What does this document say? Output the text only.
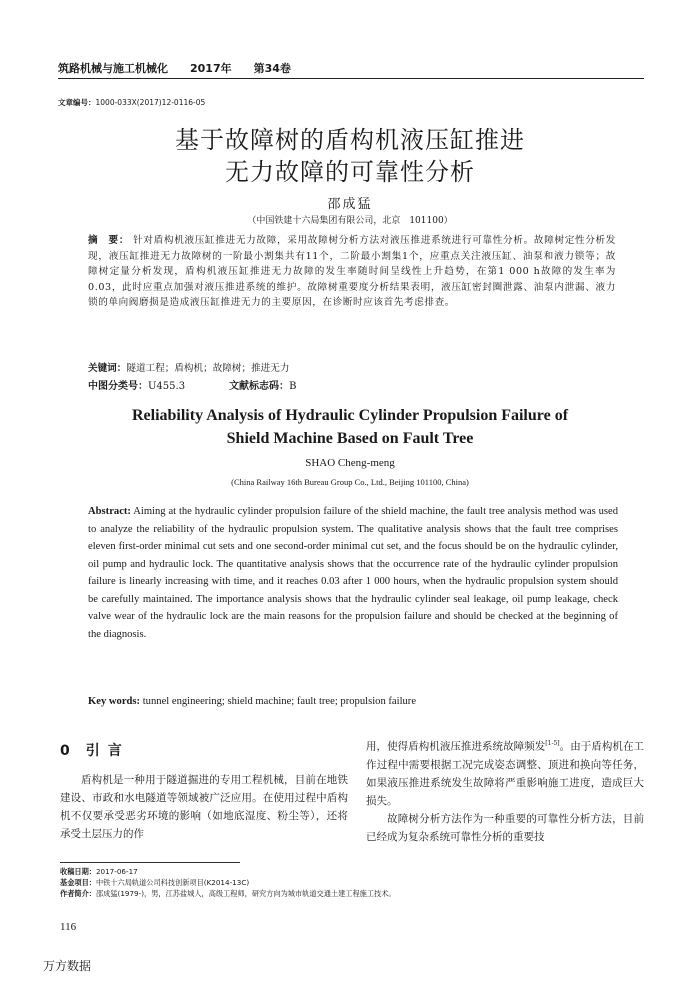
筑路机械与施工机械化 2017年 第34卷
文章编号：1000-033X(2017)12-0116-05
基于故障树的盾构机液压缸推进
无力故障的可靠性分析
邵成猛
（中国铁建十六局集团有限公司，北京　101100）
摘　要： 针对盾构机液压缸推进无力故障，采用故障树分析方法对液压推进系统进行可靠性分析。故障树定性分析发现，液压缸推进无力故障树的一阶最小割集共有11个，二阶最小割集1个，应重点关注液压缸、油泵和液力锁等；故障树定量分析发现，盾构机液压缸推进无力故障的发生率随时间呈线性上升趋势，在第1 000 h故障的发生率为0.03，此时应重点加强对液压推进系统的维护。故障树重要度分析结果表明，液压缸密封圈泄露、油泵内泄漏、液力锁的单向阀磨损是造成液压缸推进无力的主要原因，在诊断时应该首先考虑排查。
关键词：隧道工程；盾构机；故障树；推进无力
中图分类号：U455.3	文献标志码：B
Reliability Analysis of Hydraulic Cylinder Propulsion Failure of
Shield Machine Based on Fault Tree
SHAO Cheng-meng
(China Railway 16th Bureau Group Co., Ltd., Beijing 101100, China)
Abstract: Aiming at the hydraulic cylinder propulsion failure of the shield machine, the fault tree analysis method was used to analyze the reliability of the hydraulic propulsion system. The qualitative analysis shows that the fault tree comprises eleven first-order minimal cut sets and one second-order minimal cut set, and the focus should be on the hydraulic cylinder, oil pump and hydraulic lock. The quantitative analysis shows that the occurrence rate of the hydraulic cylinder propulsion failure is linearly increasing with time, and it reaches 0.03 after 1 000 hours, when the hydraulic propulsion system should be carefully maintained. The importance analysis shows that the hydraulic cylinder seal leakage, oil pump leakage, check valve wear of the hydraulic lock are the main reasons for the propulsion failure and should be checked at the beginning of the diagnosis.
Key words: tunnel engineering; shield machine; fault tree; propulsion failure
0 引言
盾构机是一种用于隧道掘进的专用工程机械，目前在地铁建设、市政和水电隧道等领域被广泛应用。在使用过程中盾构机不仅要承受恶劣环境的影响（如地底湿度、粉尘等），还将承受土层压力的作
用，使得盾构机液压推进系统故障频发[1-5]。由于盾构机在工作过程中需要根据工况完成姿态调整、顶进和换向等任务，如果液压推进系统发生故障将严重影响施工进度，造成巨大损失。
故障树分析方法作为一种重要的可靠性分析方法，目前已经成为复杂系统可靠性分析的重要技
收稿日期：2017-06-17
基金项目：中铁十六局轨道公司科技创新项目(K2014-13C)
作者简介：邵成猛(1979-)，男，江苏盐城人，高级工程师，研究方向为城市轨道交通土建工程施工技术。
116
万方数据
